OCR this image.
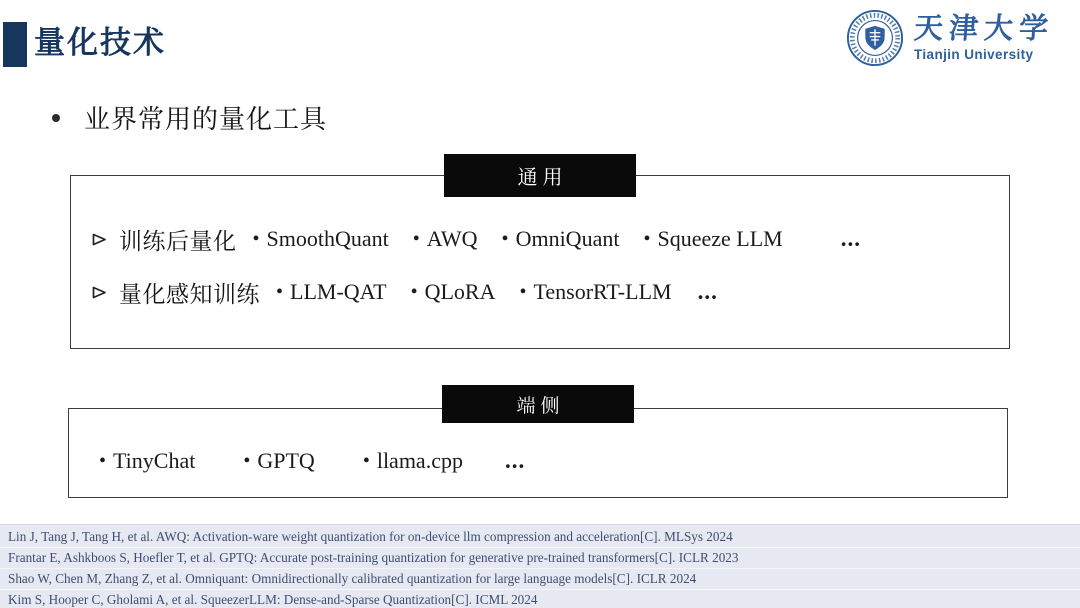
量化技术	天津大学
Tianjin University
业界常用的量化工具
通用
训练后量化	• SmoothQuant	• AWQ	• OmniQuant	• Squeeze LLM	...
量化感知训练	• LLM-QAT	• QLoRA	• TensorRT-LLM ...
端侧
• TinyChat	• GPTQ	• llama.cpp ...
Lin J, Tang J, Tang H, et al. AWQ: Activation-ware weight quantization for on-device llm compression and acceleration[C]. MLSys 2024
Frantar E, Ashkboos S, Hoefler T, et al. GPTQ: Accurate post-training quantization for generative pre-trained transformers[C]. ICLR 2023
Shao W, Chen M, Zhang Z, et al. Omniquant: Omnidirectionally calibrated quantization for large language models[C]. ICLR 2024
Kim S, Hooper C, Gholami A, et al. SqueezerLLM: Dense-and-Sparse Quantization[C]. ICML 2024
